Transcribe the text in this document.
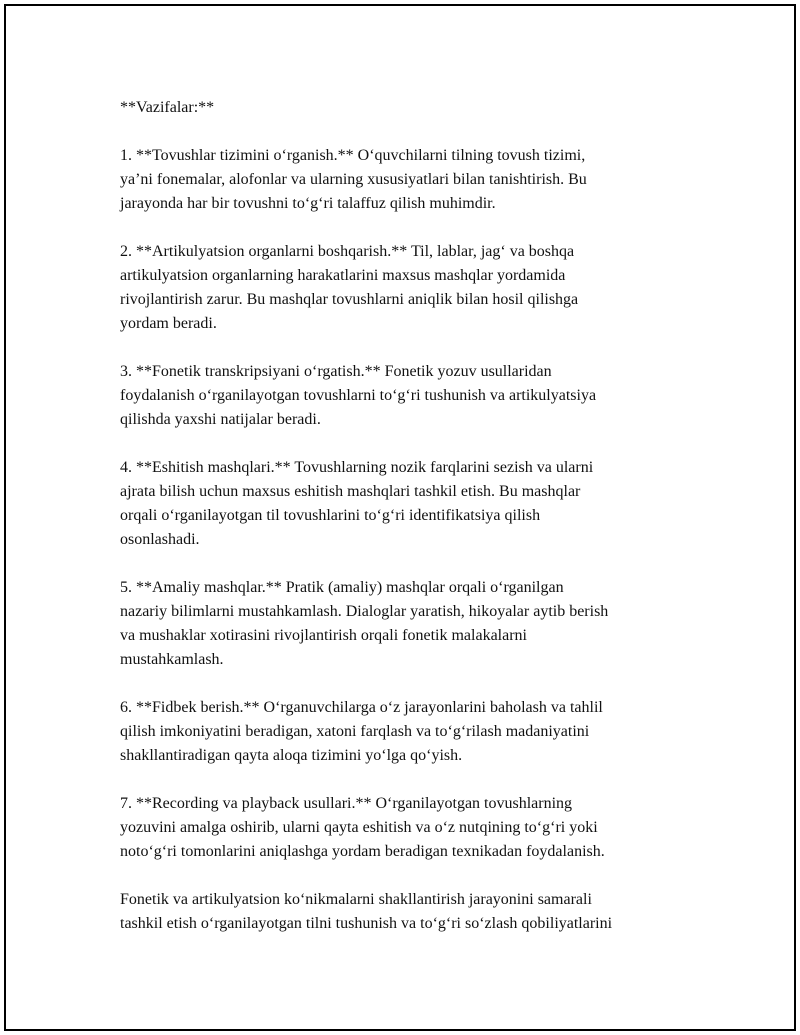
**Vazifalar:**
1. **Tovushlar tizimini o‘rganish.** O‘quvchilarni tilning tovush tizimi,
ya’ni fonemalar, alofonlar va ularning xususiyatlari bilan tanishtirish. Bu
jarayonda har bir tovushni to‘g‘ri talaffuz qilish muhimdir.
2. **Artikulyatsion organlarni boshqarish.** Til, lablar, jag‘ va boshqa
artikulyatsion organlarning harakatlarini maxsus mashqlar yordamida
rivojlantirish zarur. Bu mashqlar tovushlarni aniqlik bilan hosil qilishga
yordam beradi.
3. **Fonetik transkripsiyani o‘rgatish.** Fonetik yozuv usullaridan
foydalanish o‘rganilayotgan tovushlarni to‘g‘ri tushunish va artikulyatsiya
qilishda yaxshi natijalar beradi.
4. **Eshitish mashqlari.** Tovushlarning nozik farqlarini sezish va ularni
ajrata bilish uchun maxsus eshitish mashqlari tashkil etish. Bu mashqlar
orqali o‘rganilayotgan til tovushlarini to‘g‘ri identifikatsiya qilish
osonlashadi.
5. **Amaliy mashqlar.** Pratik (amaliy) mashqlar orqali o‘rganilgan
nazariy bilimlarni mustahkamlash. Dialoglar yaratish, hikoyalar aytib berish
va mushaklar xotirasini rivojlantirish orqali fonetik malakalarni
mustahkamlash.
6. **Fidbek berish.** O‘rganuvchilarga o‘z jarayonlarini baholash va tahlil
qilish imkoniyatini beradigan, xatoni farqlash va to‘g‘rilash madaniyatini
shakllantiradigan qayta aloqa tizimini yo‘lga qo‘yish.
7. **Recording va playback usullari.** O‘rganilayotgan tovushlarning
yozuvini amalga oshirib, ularni qayta eshitish va o‘z nutqining to‘g‘ri yoki
noto‘g‘ri tomonlarini aniqlashga yordam beradigan texnikadan foydalanish.
Fonetik va artikulyatsion ko‘nikmalarni shakllantirish jarayonini samarali
tashkil etish o‘rganilayotgan tilni tushunish va to‘g‘ri so‘zlash qobiliyatlarini
